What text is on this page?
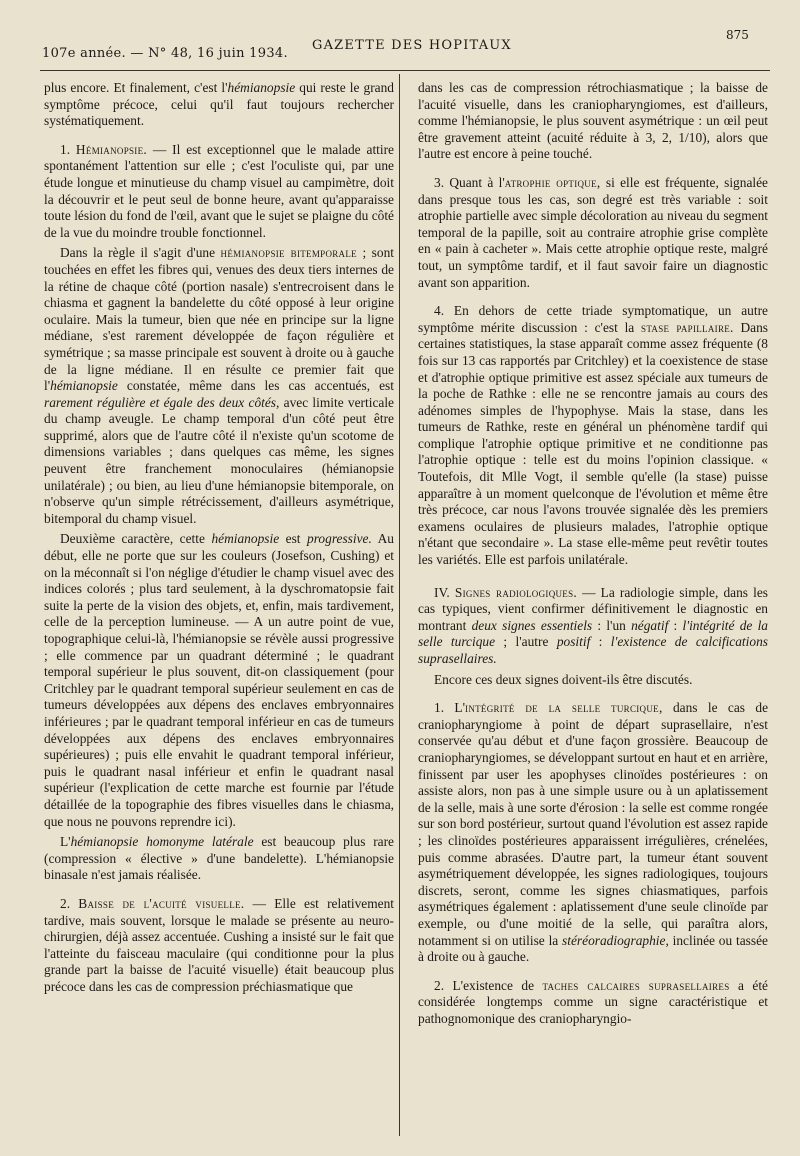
107e année. — N° 48, 16 juin 1934.
GAZETTE DES HOPITAUX
875

plus encore. Et finalement, c'est l'hémianopsie qui reste le grand symptôme précoce, celui qu'il faut toujours rechercher systématiquement.

1. Hémianopsie. — Il est exceptionnel que le malade attire spontanément l'attention sur elle ; c'est l'oculiste qui, par une étude longue et minutieuse du champ visuel au campimètre, doit la découvrir et le peut seul de bonne heure, avant qu'apparaisse toute lésion du fond de l'œil, avant que le sujet se plaigne du côté de la vue du moindre trouble fonctionnel.

Dans la règle il s'agit d'une hémianopsie bitemporale ; sont touchées en effet les fibres qui, venues des deux tiers internes de la rétine de chaque côté (portion nasale) s'entrecroisent dans le chiasma et gagnent la bandelette du côté opposé à leur origine oculaire. Mais la tumeur, bien que née en principe sur la ligne médiane, s'est rarement développée de façon régulière et symétrique ; sa masse principale est souvent à droite ou à gauche de la ligne médiane. Il en résulte ce premier fait que l'hémianopsie constatée, même dans les cas accentués, est rarement régulière et égale des deux côtés, avec limite verticale du champ aveugle. Le champ temporal d'un côté peut être supprimé, alors que de l'autre côté il n'existe qu'un scotome de dimensions variables ; dans quelques cas même, les signes peuvent être franchement monoculaires (hémianopsie unilatérale) ; ou bien, au lieu d'une hémianopsie bitemporale, on n'observe qu'un simple rétrécissement, d'ailleurs asymétrique, bitemporal du champ visuel.

Deuxième caractère, cette hémianopsie est progressive. Au début, elle ne porte que sur les couleurs (Josefson, Cushing) et on la méconnaît si l'on néglige d'étudier le champ visuel avec des indices colorés ; plus tard seulement, à la dyschromatopsie fait suite la perte de la vision des objets, et, enfin, mais tardivement, celle de la perception lumineuse. — A un autre point de vue, topographique celui-là, l'hémianopsie se révèle aussi progressive ; elle commence par un quadrant déterminé ; le quadrant temporal supérieur le plus souvent, dit-on classiquement (pour Critchley par le quadrant temporal supérieur seulement en cas de tumeurs développées aux dépens des enclaves embryonnaires inférieures ; par le quadrant temporal inférieur en cas de tumeurs développées aux dépens des enclaves embryonnaires supérieures) ; puis elle envahit le quadrant temporal inférieur, puis le quadrant nasal inférieur et enfin le quadrant nasal supérieur (l'explication de cette marche est fournie par l'étude détaillée de la topographie des fibres visuelles dans le chiasma, que nous ne pouvons reprendre ici).

L'hémianopsie homonyme latérale est beaucoup plus rare (compression « élective » d'une bandelette). L'hémianopsie binasale n'est jamais réalisée.

2. Baisse de l'acuité visuelle. — Elle est relativement tardive, mais souvent, lorsque le malade se présente au neuro-chirurgien, déjà assez accentuée. Cushing a insisté sur le fait que l'atteinte du faisceau maculaire (qui conditionne pour la plus grande part la baisse de l'acuité visuelle) était beaucoup plus précoce dans les cas de compression préchiasmatique que

dans les cas de compression rétrochiasmatique ; la baisse de l'acuité visuelle, dans les craniopharyngiomes, est d'ailleurs, comme l'hémianopsie, le plus souvent asymétrique : un œil peut être gravement atteint (acuité réduite à 3, 2, 1/10), alors que l'autre est encore à peine touché.

3. Quant à l'atrophie optique, si elle est fréquente, signalée dans presque tous les cas, son degré est très variable : soit atrophie partielle avec simple décoloration au niveau du segment temporal de la papille, soit au contraire atrophie grise complète en « pain à cacheter ». Mais cette atrophie optique reste, malgré tout, un symptôme tardif, et il faut savoir faire un diagnostic avant son apparition.

4. En dehors de cette triade symptomatique, un autre symptôme mérite discussion : c'est la stase papillaire. Dans certaines statistiques, la stase apparaît comme assez fréquente (8 fois sur 13 cas rapportés par Critchley) et la coexistence de stase et d'atrophie optique primitive est assez spéciale aux tumeurs de la poche de Rathke : elle ne se rencontre jamais au cours des adénomes simples de l'hypophyse. Mais la stase, dans les tumeurs de Rathke, reste en général un phénomène tardif qui complique l'atrophie optique primitive et ne conditionne pas l'atrophie optique : telle est du moins l'opinion classique. « Toutefois, dit Mlle Vogt, il semble qu'elle (la stase) puisse apparaître à un moment quelconque de l'évolution et même être très précoce, car nous l'avons trouvée signalée dès les premiers examens oculaires de plusieurs malades, l'atrophie optique n'étant que secondaire ». La stase elle-même peut revêtir toutes les variétés. Elle est parfois unilatérale.

IV. Signes radiologiques. — La radiologie simple, dans les cas typiques, vient confirmer définitivement le diagnostic en montrant deux signes essentiels : l'un négatif : l'intégrité de la selle turcique ; l'autre positif : l'existence de calcifications suprasellaires.

Encore ces deux signes doivent-ils être discutés.

1. L'intégrité de la selle turcique, dans le cas de craniopharyngiome à point de départ suprasellaire, n'est conservée qu'au début et d'une façon grossière. Beaucoup de craniopharyngiomes, se développant surtout en haut et en arrière, finissent par user les apophyses clinoïdes postérieures : on assiste alors, non pas à une simple usure ou à un aplatissement de la selle, mais à une sorte d'érosion : la selle est comme rongée sur son bord postérieur, surtout quand l'évolution est assez rapide ; les clinoïdes postérieures apparaissent irrégulières, crénelées, puis comme abrasées. D'autre part, la tumeur étant souvent asymétriquement développée, les signes radiologiques, toujours discrets, seront, comme les signes chiasmatiques, parfois asymétriques également : aplatissement d'une seule clinoïde par exemple, ou d'une moitié de la selle, qui paraîtra alors, notamment si on utilise la stéréoradiographie, inclinée ou tassée à droite ou à gauche.

2. L'existence de taches calcaires suprasellaires a été considérée longtemps comme un signe caractéristique et pathognomonique des craniopharyngio-
